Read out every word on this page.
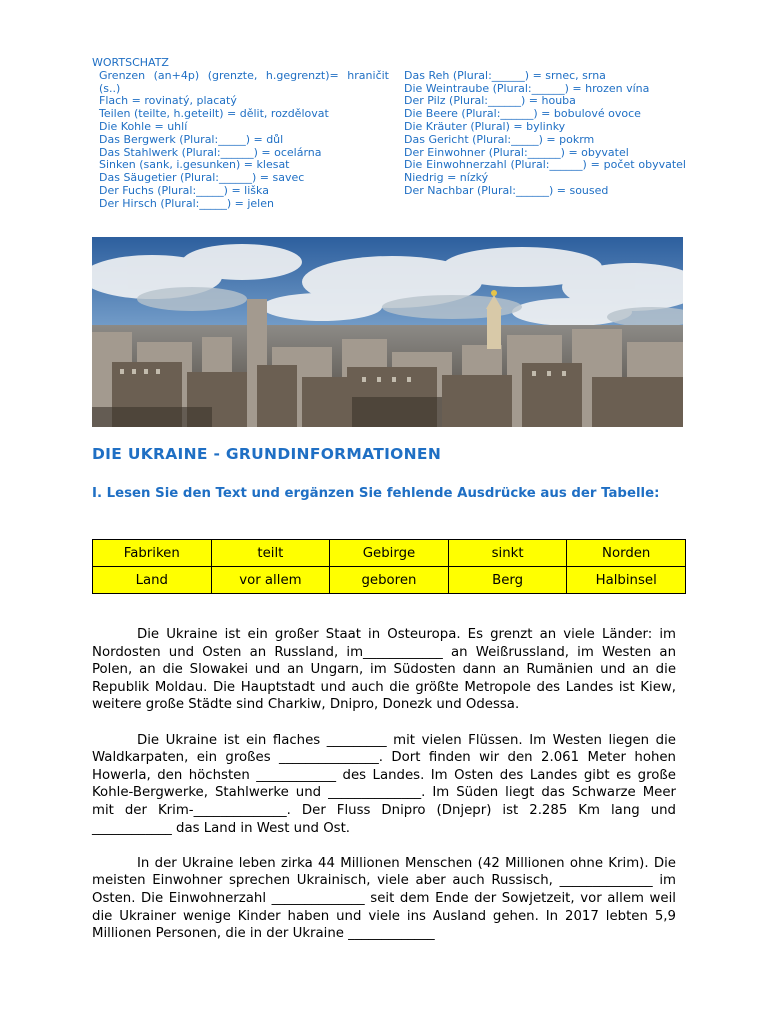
WORTSCHATZ
Grenzen (an+4p) (grenzte, h.gegrenzt)= hraničit (s..)
Flach = rovinatý, placatý
Teilen (teilte, h.geteilt) = dělit, rozdělovat
Die Kohle = uhlí
Das Bergwerk (Plural:_____) = důl
Das Stahlwerk (Plural:______) = ocelárna
Sinken (sank, i.gesunken) = klesat
Das Säugetier (Plural:______) = savec
Der Fuchs (Plural:_____) = liška
Der Hirsch (Plural:_____) = jelen
Das Reh (Plural:______) = srnec, srna
Die Weintraube (Plural:______) = hrozen vína
Der Pilz (Plural:______) = houba
Die Beere (Plural:______) = bobulové ovoce
Die Kräuter (Plural) = bylinky
Das Gericht (Plural:_____) = pokrm
Der Einwohner (Plural:______) = obyvatel
Die Einwohnerzahl (Plural:______) = počet obyvatel
Niedrig = nízký
Der Nachbar (Plural:______) = soused
DIE UKRAINE - GRUNDINFORMATIONEN

I. Lesen Sie den Text und ergänzen Sie fehlende Ausdrücke aus der Tabelle:

Fabriken	teilt	Gebirge	sinkt	Norden
Land	vor allem	geboren	Berg	Halbinsel

Die Ukraine ist ein großer Staat in Osteuropa. Es grenzt an viele Länder: im Nordosten und Osten an Russland, im____________ an Weißrussland, im Westen an Polen, an die Slowakei und an Ungarn, im Südosten dann an Rumänien und an die Republik Moldau. Die Hauptstadt und auch die größte Metropole des Landes ist Kiew, weitere große Städte sind Charkiw, Dnipro, Donezk und Odessa.

Die Ukraine ist ein flaches _________ mit vielen Flüssen. Im Westen liegen die Waldkarpaten, ein großes _______________. Dort finden wir den 2.061 Meter hohen Howerla, den höchsten ____________ des Landes. Im Osten des Landes gibt es große Kohle-Bergwerke, Stahlwerke und ______________. Im Süden liegt das Schwarze Meer mit der Krim-______________. Der Fluss Dnipro (Dnjepr) ist 2.285 Km lang und ____________ das Land in West und Ost.

In der Ukraine leben zirka 44 Millionen Menschen (42 Millionen ohne Krim). Die meisten Einwohner sprechen Ukrainisch, viele aber auch Russisch, ______________ im Osten. Die Einwohnerzahl ______________ seit dem Ende der Sowjetzeit, vor allem weil die Ukrainer wenige Kinder haben und viele ins Ausland gehen. In 2017 lebten 5,9 Millionen Personen, die in der Ukraine _____________
